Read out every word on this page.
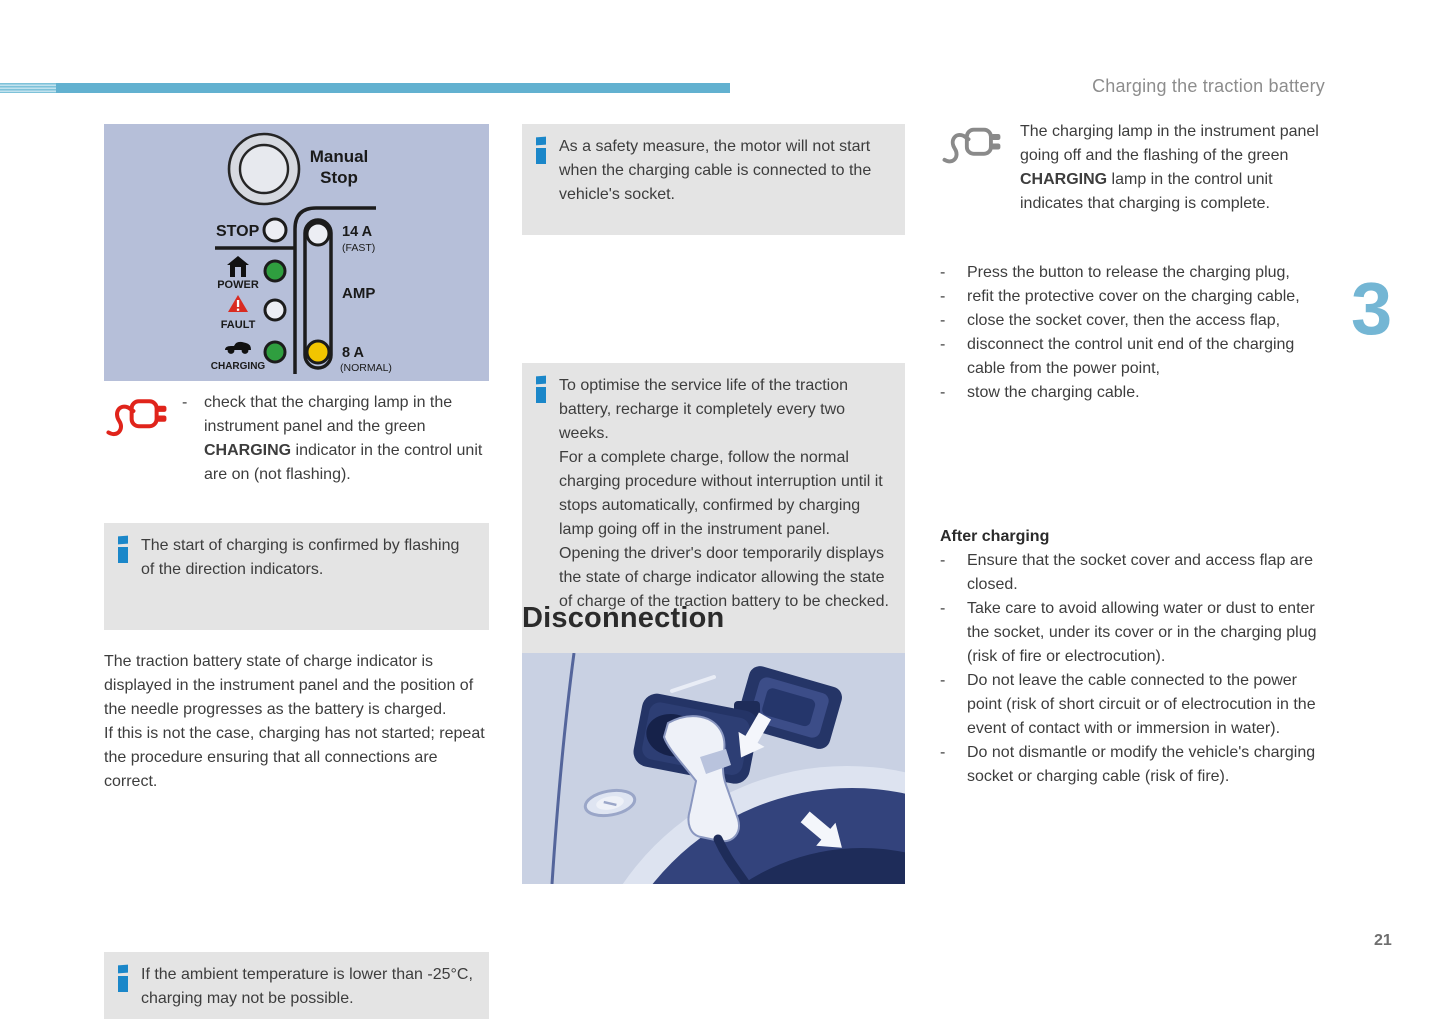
Charging the traction battery
3
21
Manual
Stop
STOP
POWER
FAULT
CHARGING
14 A
(FAST)
AMP
8 A
(NORMAL)
-	check that the charging lamp in the instrument panel and the green CHARGING indicator in the control unit are on (not flashing).

The start of charging is confirmed by flashing of the direction indicators.

The traction battery state of charge indicator is displayed in the instrument panel and the position of the needle progresses as the battery is charged.

If this is not the case, charging has not started; repeat the procedure ensuring that all connections are correct.

If the ambient temperature is lower than -25°C, charging may not be possible.

As a safety measure, the motor will not start when the charging cable is connected to the vehicle's socket.

To optimise the service life of the traction battery, recharge it completely every two weeks.

For a complete charge, follow the normal charging procedure without interruption until it stops automatically, confirmed by charging lamp going off in the instrument panel. Opening the driver's door temporarily displays the state of charge indicator allowing the state of charge of the traction battery to be checked.

Disconnection
The charging lamp in the instrument panel going off and the flashing of the green CHARGING lamp in the control unit indicates that charging is complete.
-	Press the button to release the charging plug,
-	refit the protective cover on the charging cable,
-	close the socket cover, then the access flap,
-	disconnect the control unit end of the charging cable from the power point,
-	stow the charging cable.
After charging
-	Ensure that the socket cover and access flap are closed.
-	Take care to avoid allowing water or dust to enter the socket, under its cover or in the charging plug (risk of fire or electrocution).
-	Do not leave the cable connected to the power point (risk of short circuit or of electrocution in the event of contact with or immersion in water).
-	Do not dismantle or modify the vehicle's charging socket or charging cable (risk of fire).
